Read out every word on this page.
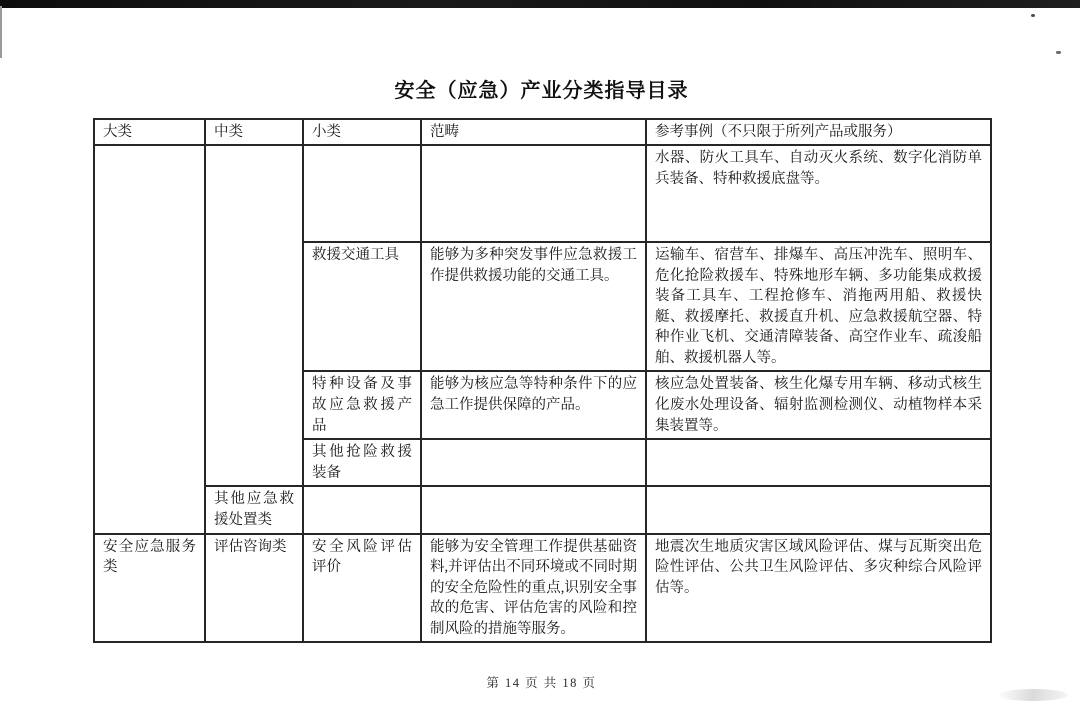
安全（应急）产业分类指导目录
大类	中类	小类	范畴	参考事例（不只限于所列产品或服务）
				水器、防火工具车、自动灭火系统、数字化消防单兵装备、特种救援底盘等。
		救援交通工具	能够为多种突发事件应急救援工作提供救援功能的交通工具。	运输车、宿营车、排爆车、高压冲洗车、照明车、危化抢险救援车、特殊地形车辆、多功能集成救援装备工具车、工程抢修车、消拖两用船、救援快艇、救援摩托、救援直升机、应急救援航空器、特种作业飞机、交通清障装备、高空作业车、疏浚船舶、救援机器人等。
		特种设备及事故应急救援产品	能够为核应急等特种条件下的应急工作提供保障的产品。	核应急处置装备、核生化爆专用车辆、移动式核生化废水处理设备、辐射监测检测仪、动植物样本采集装置等。
		其他抢险救援装备		
	其他应急救援处置类			
安全应急服务类	评估咨询类	安全风险评估评价	能够为安全管理工作提供基础资料,并评估出不同环境或不同时期的安全危险性的重点,识别安全事故的危害、评估危害的风险和控制风险的措施等服务。	地震次生地质灾害区域风险评估、煤与瓦斯突出危险性评估、公共卫生风险评估、多灾种综合风险评估等。
第 14 页 共 18 页
